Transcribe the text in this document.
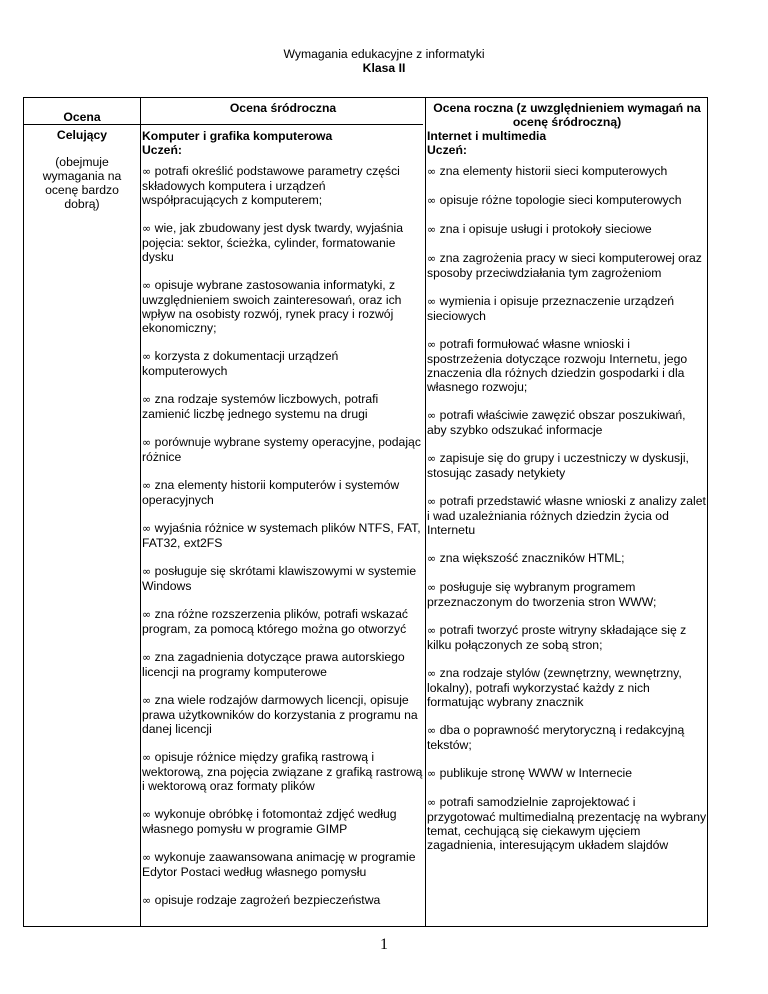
Wymagania edukacyjne z informatyki
Klasa II
Ocena
Ocena śródroczna	Ocena roczna (z uwzględnieniem wymagań na ocenę śródroczną)
Celujący
(obejmuje wymagania na ocenę bardzo dobrą)
Komputer i grafika komputerowa
Uczeń:
∞ potrafi określić podstawowe parametry części składowych komputera i urządzeń współpracujących z komputerem;
∞ wie, jak zbudowany jest dysk twardy, wyjaśnia pojęcia: sektor, ścieżka, cylinder, formatowanie dysku
∞ opisuje wybrane zastosowania informatyki, z uwzględnieniem swoich zainteresowań, oraz ich wpływ na osobisty rozwój, rynek pracy i rozwój ekonomiczny;
∞ korzysta z dokumentacji urządzeń komputerowych
∞ zna rodzaje systemów liczbowych, potrafi zamienić liczbę jednego systemu na drugi
∞ porównuje wybrane systemy operacyjne, podając różnice
∞ zna elementy historii komputerów i systemów operacyjnych
∞ wyjaśnia różnice w systemach plików NTFS, FAT, FAT32, ext2FS
∞ posługuje się skrótami klawiszowymi w systemie Windows
∞ zna różne rozszerzenia plików, potrafi wskazać program, za pomocą którego można go otworzyć
∞ zna zagadnienia dotyczące prawa autorskiego licencji na programy komputerowe
∞ zna wiele rodzajów darmowych licencji, opisuje prawa użytkowników do korzystania z programu na danej licencji
∞ opisuje różnice między grafiką rastrową i wektorową, zna pojęcia związane z grafiką rastrową i wektorową oraz formaty plików
∞ wykonuje obróbkę i fotomontaż zdjęć według własnego pomysłu w programie GIMP
∞ wykonuje zaawansowana animację w programie Edytor Postaci według własnego pomysłu
∞ opisuje rodzaje zagrożeń bezpieczeństwa
Internet i multimedia
Uczeń:
∞ zna elementy historii sieci komputerowych
∞ opisuje różne topologie sieci komputerowych
∞ zna i opisuje usługi i protokoły sieciowe
∞ zna zagrożenia pracy w sieci komputerowej oraz sposoby przeciwdziałania tym zagrożeniom
∞ wymienia i opisuje przeznaczenie urządzeń sieciowych
∞ potrafi formułować własne wnioski i spostrzeżenia dotyczące rozwoju Internetu, jego znaczenia dla różnych dziedzin gospodarki i dla własnego rozwoju;
∞ potrafi właściwie zawęzić obszar poszukiwań, aby szybko odszukać informacje
∞ zapisuje się do grupy i uczestniczy w dyskusji, stosując zasady netykiety
∞ potrafi przedstawić własne wnioski z analizy zalet i wad uzależniania różnych dziedzin życia od Internetu
∞ zna większość znaczników HTML;
∞ posługuje się wybranym programem przeznaczonym do tworzenia stron WWW;
∞ potrafi tworzyć proste witryny składające się z kilku połączonych ze sobą stron;
∞ zna rodzaje stylów (zewnętrzny, wewnętrzny, lokalny), potrafi wykorzystać każdy z nich formatując wybrany znacznik
∞ dba o poprawność merytoryczną i redakcyjną tekstów;
∞ publikuje stronę WWW w Internecie
∞ potrafi samodzielnie zaprojektować i przygotować multimedialną prezentację na wybrany temat, cechującą się ciekawym ujęciem zagadnienia, interesującym układem slajdów
1
